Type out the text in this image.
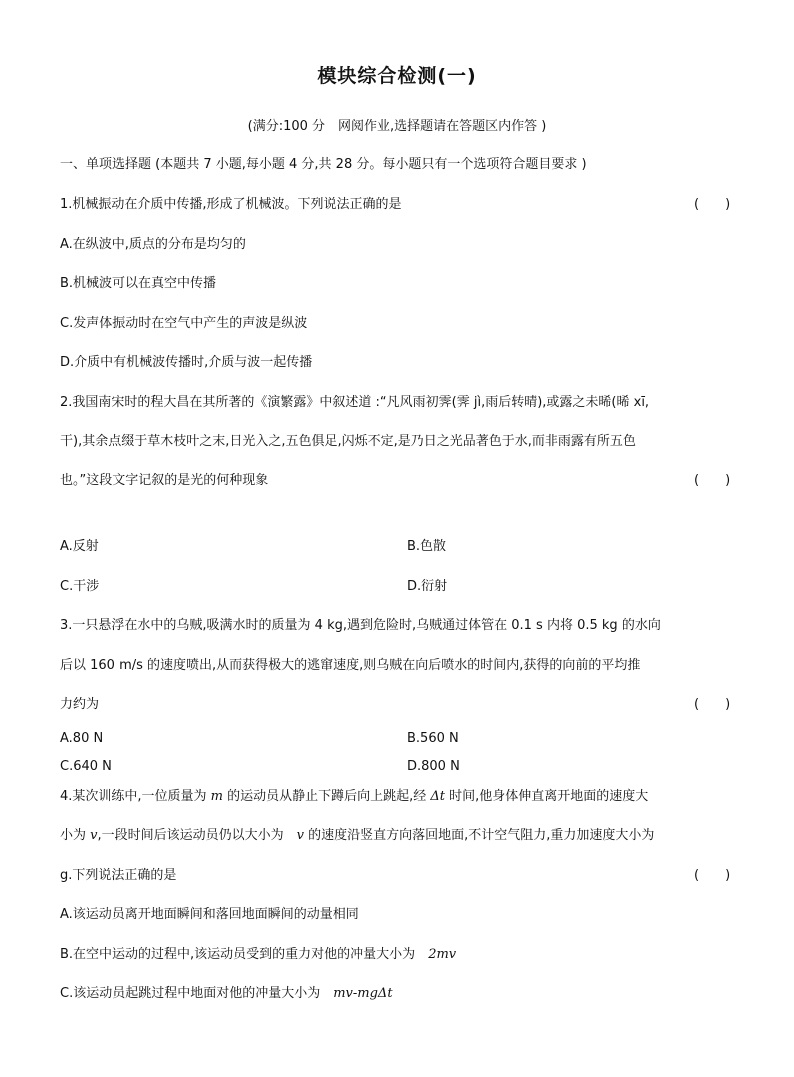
模块综合检测(一)
(满分:100 分　网阅作业,选择题请在答题区内作答 )
一、单项选择题 (本题共 7 小题,每小题 4 分,共 28 分。每小题只有一个选项符合题目要求 )
1.机械振动在介质中传播,形成了机械波。下列说法正确的是	(　　)
A.在纵波中,质点的分布是均匀的
B.机械波可以在真空中传播
C.发声体振动时在空气中产生的声波是纵波
D.介质中有机械波传播时,介质与波一起传播
2.我国南宋时的程大昌在其所著的《演繁露》中叙述道 :“凡风雨初霁(霁 jì,雨后转晴),或露之未晞(晞 xī,
干),其余点缀于草木枝叶之末,日光入之,五色俱足,闪烁不定,是乃日之光品著色于水,而非雨露有所五色
也。”这段文字记叙的是光的何种现象	(　　)
A.反射	B.色散
C.干涉	D.衍射
3.一只悬浮在水中的乌贼,吸满水时的质量为 4 kg,遇到危险时,乌贼通过体管在 0.1 s 内将 0.5 kg 的水向
后以 160 m/s 的速度喷出,从而获得极大的逃窜速度,则乌贼在向后喷水的时间内,获得的向前的平均推
力约为	(　　)
A.80 N	B.560 N
C.640 N	D.800 N
4.某次训练中,一位质量为 m 的运动员从静止下蹲后向上跳起,经 Δt 时间,他身体伸直离开地面的速度大
小为 v,一段时间后该运动员仍以大小为　v 的速度沿竖直方向落回地面,不计空气阻力,重力加速度大小为
g.下列说法正确的是	(　　)
A.该运动员离开地面瞬间和落回地面瞬间的动量相同
B.在空中运动的过程中,该运动员受到的重力对他的冲量大小为　2mv
C.该运动员起跳过程中地面对他的冲量大小为　mv-mgΔt
